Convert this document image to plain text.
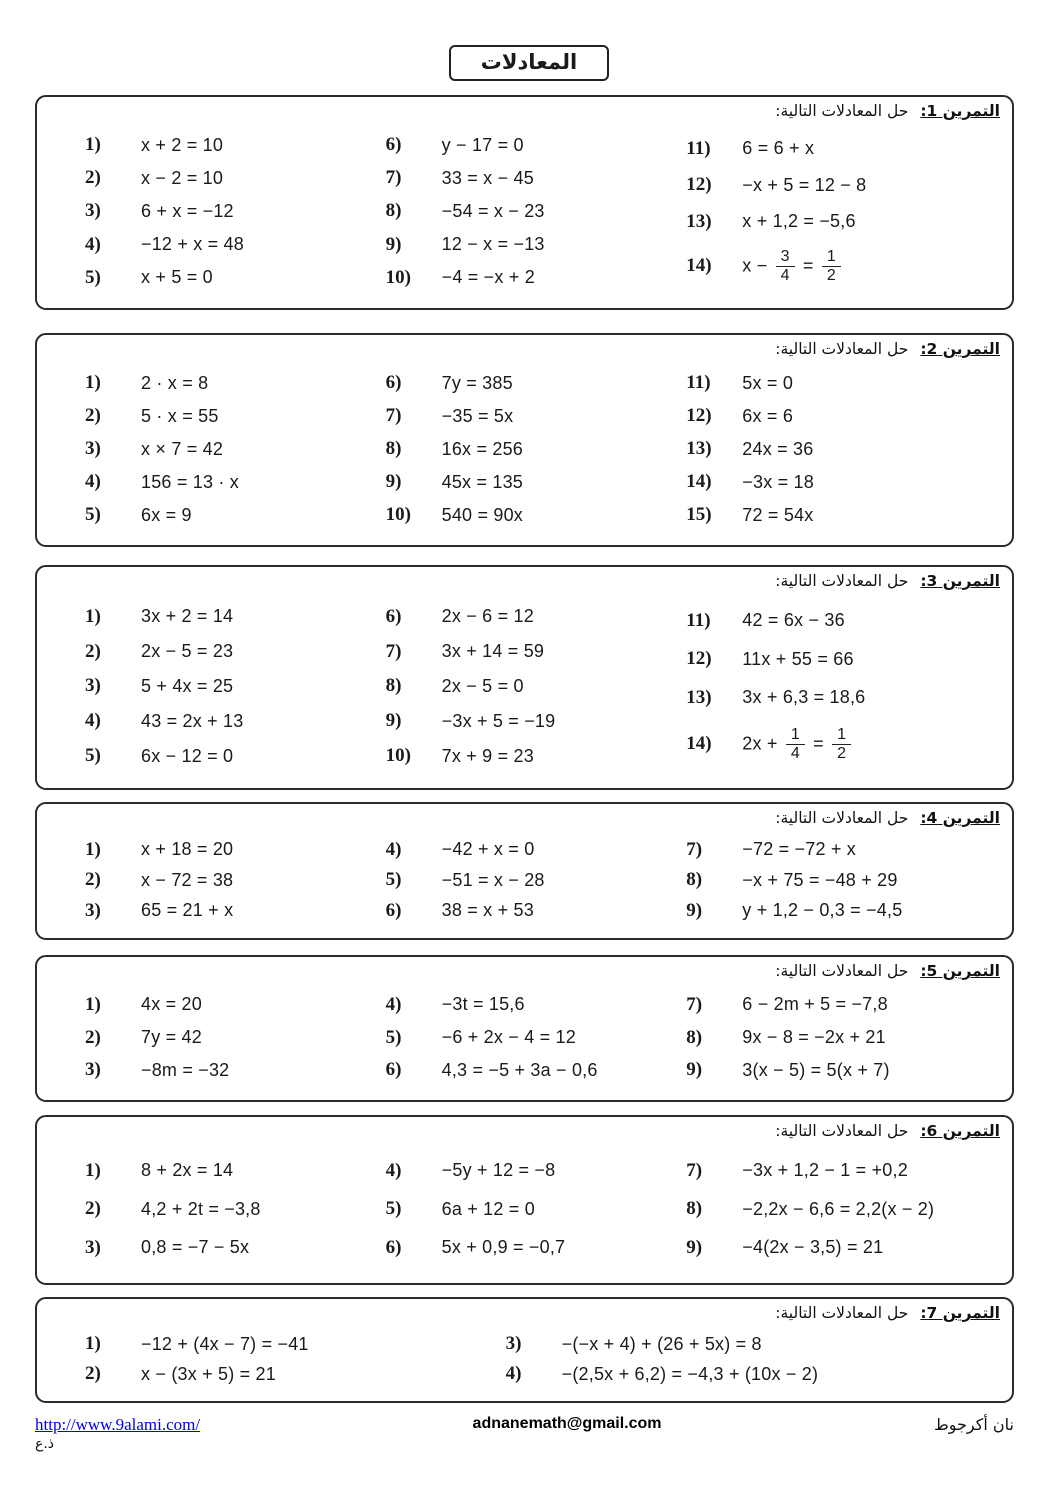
المعادلات
التمرين 1:حل المعادلات التالية:
1)	x + 2 = 10
2)	x − 2 = 10
3)	6 + x = −12
4)	−12 + x = 48
5)	x + 5 = 0
6)	y − 17 = 0
7)	33 = x − 45
8)	−54 = x − 23
9)	12 − x = −13
10)	−4 = −x + 2
11)	6 = 6 + x
12)	−x + 5 = 12 − 8
13)	x + 1,2 = −5,6
14)	$x - \frac{3}{4} = \frac{1}{2}$
التمرين 2:حل المعادلات التالية:
1)	2 · x = 8
2)	5 · x = 55
3)	x × 7 = 42
4)	156 = 13 · x
5)	6x = 9
6)	7y = 385
7)	−35 = 5x
8)	16x = 256
9)	45x = 135
10)	540 = 90x
11)	5x = 0
12)	6x = 6
13)	24x = 36
14)	−3x = 18
15)	72 = 54x
التمرين 3:حل المعادلات التالية:
1)	3x + 2 = 14
2)	2x − 5 = 23
3)	5 + 4x = 25
4)	43 = 2x + 13
5)	6x − 12 = 0
6)	2x − 6 = 12
7)	3x + 14 = 59
8)	2x − 5 = 0
9)	−3x + 5 = −19
10)	7x + 9 = 23
11)	42 = 6x − 36
12)	11x + 55 = 66
13)	3x + 6,3 = 18,6
14)	$2x + \frac{1}{4} = \frac{1}{2}$
التمرين 4:حل المعادلات التالية:
1)	x + 18 = 20
2)	x − 72 = 38
3)	65 = 21 + x
4)	−42 + x = 0
5)	−51 = x − 28
6)	38 = x + 53
7)	−72 = −72 + x
8)	−x + 75 = −48 + 29
9)	y + 1,2 − 0,3 = −4,5
التمرين 5:حل المعادلات التالية:
1)	4x = 20
2)	7y = 42
3)	−8m = −32
4)	−3t = 15,6
5)	−6 + 2x − 4 = 12
6)	4,3 = −5 + 3a − 0,6
7)	6 − 2m + 5 = −7,8
8)	9x − 8 = −2x + 21
9)	3(x − 5) = 5(x + 7)
التمرين 6:حل المعادلات التالية:
1)	8 + 2x = 14
2)	4,2 + 2t = −3,8
3)	0,8 = −7 − 5x
4)	−5y + 12 = −8
5)	6a + 12 = 0
6)	5x + 0,9 = −0,7
7)	−3x + 1,2 − 1 = +0,2
8)	−2,2x − 6,6 = 2,2(x − 2)
9)	−4(2x − 3,5) = 21
التمرين 7:حل المعادلات التالية:
1)	−12 + (4x − 7) = −41
2)	x − (3x + 5) = 21
3)	−(−x + 4) + (26 + 5x) = 8
4)	−(2,5x + 6,2) = −4,3 + (10x − 2)
http://www.9alami.com/
ذ.ع
adnanemath@gmail.com	نان أكرجوط
